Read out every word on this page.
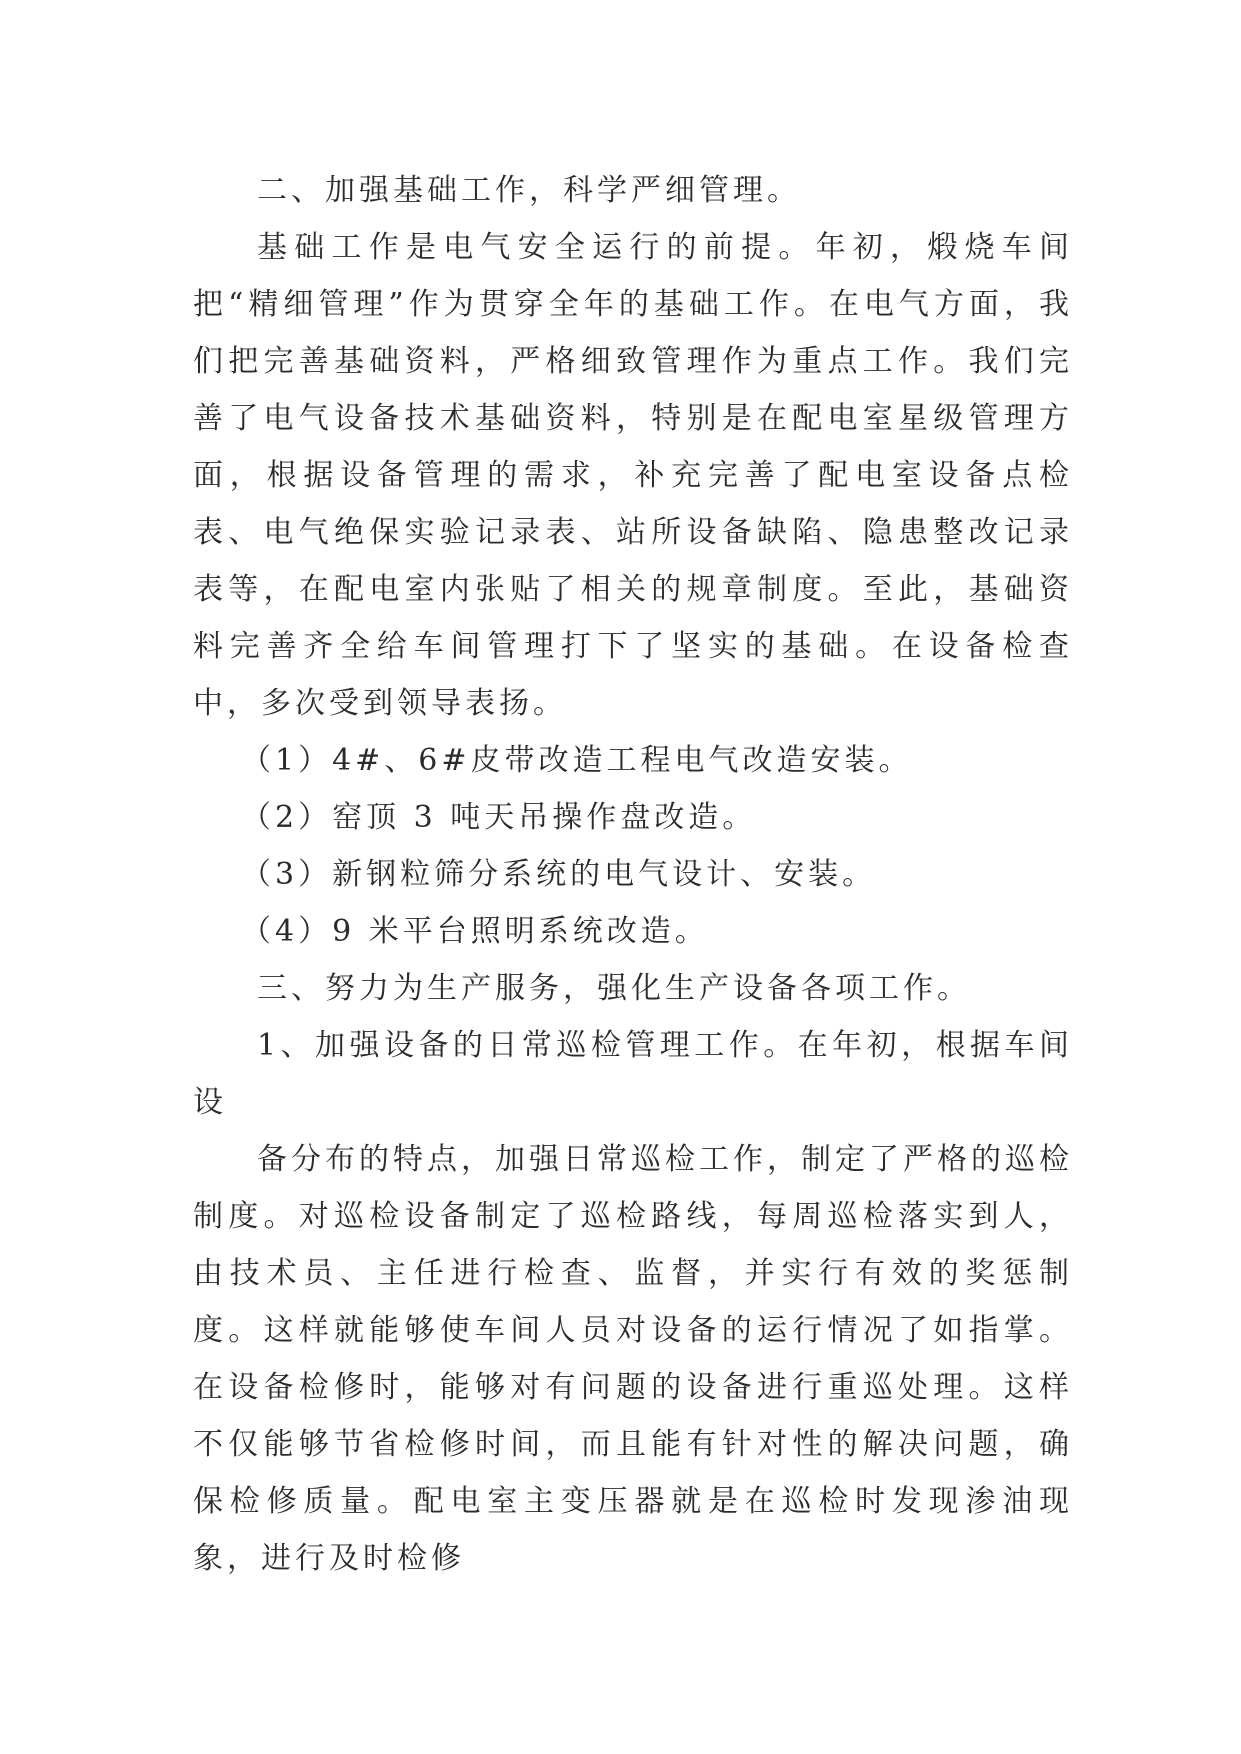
二、加强基础工作，科学严细管理。

基础工作是电气安全运行的前提。年初，煅烧车间把“精细管理”作为贯穿全年的基础工作。在电气方面，我们把完善基础资料，严格细致管理作为重点工作。我们完善了电气设备技术基础资料，特别是在配电室星级管理方面，根据设备管理的需求，补充完善了配电室设备点检表、电气绝保实验记录表、站所设备缺陷、隐患整改记录表等，在配电室内张贴了相关的规章制度。至此，基础资料完善齐全给车间管理打下了坚实的基础。在设备检查中，多次受到领导表扬。

（1）4#、6#皮带改造工程电气改造安装。

（2）窑顶 3 吨天吊操作盘改造。

（3）新钢粒筛分系统的电气设计、安装。

（4）9 米平台照明系统改造。

三、努力为生产服务，强化生产设备各项工作。

1、加强设备的日常巡检管理工作。在年初，根据车间设

备分布的特点，加强日常巡检工作，制定了严格的巡检制度。对巡检设备制定了巡检路线，每周巡检落实到人，由技术员、主任进行检查、监督，并实行有效的奖惩制度。这样就能够使车间人员对设备的运行情况了如指掌。在设备检修时，能够对有问题的设备进行重巡处理。这样不仅能够节省检修时间，而且能有针对性的解决问题，确保检修质量。配电室主变压器就是在巡检时发现渗油现象，进行及时检修
